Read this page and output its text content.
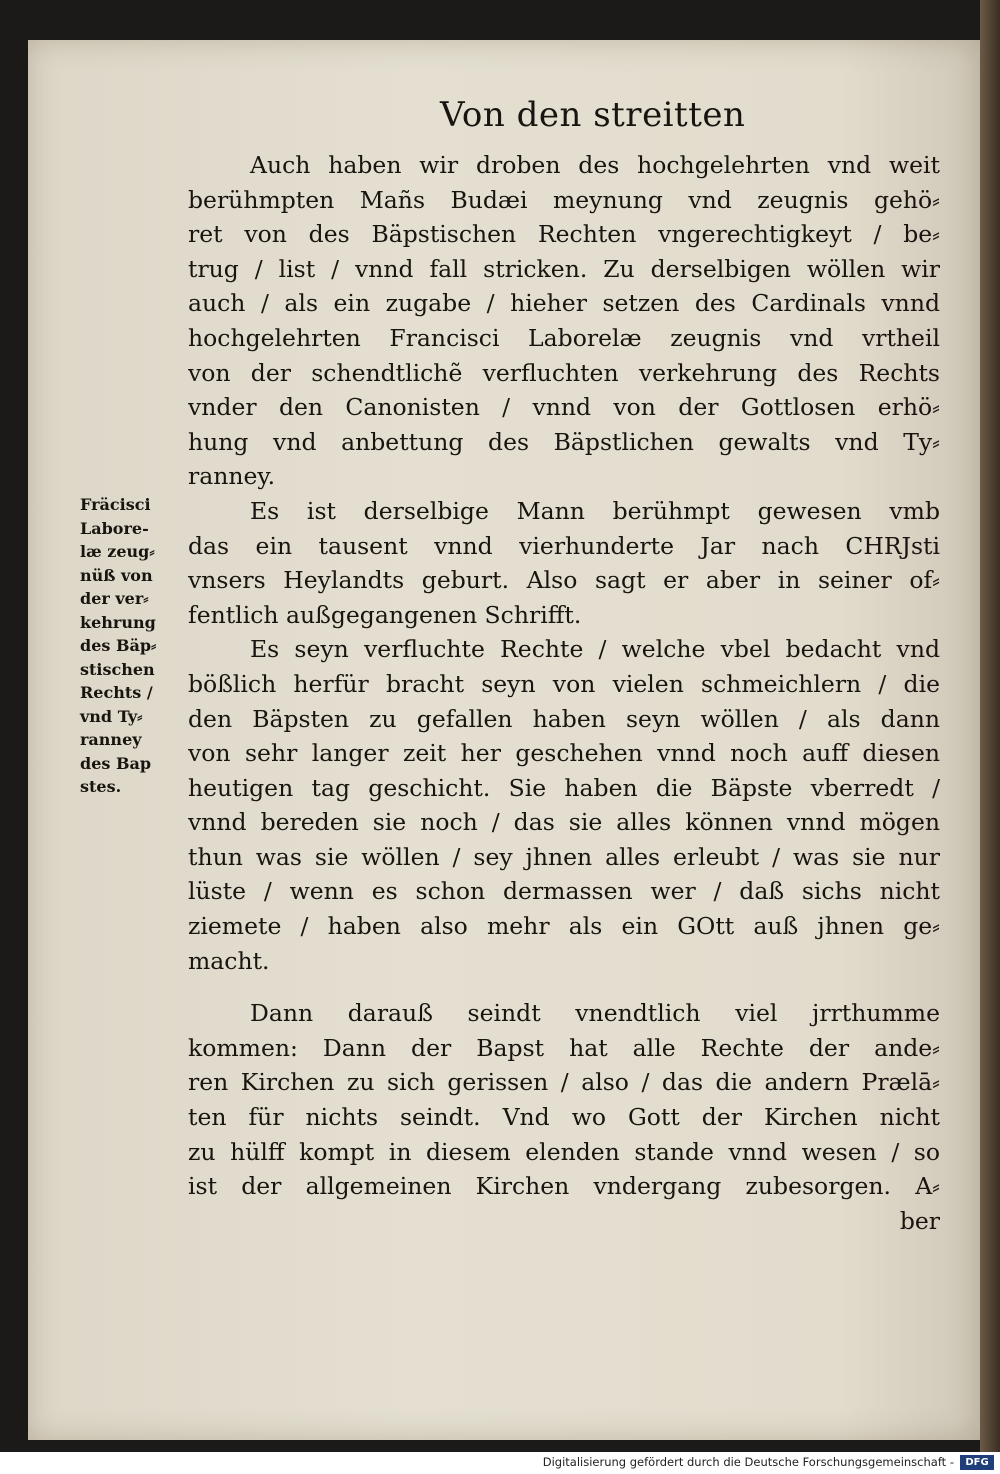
Von den streitten
Fräcisci
Labore-
læ zeug⸗
nüß von
der ver⸗
kehrung
des Bäp⸗
stischen
Rechts /
vnd Ty⸗
ranney
des Bap
stes.
Auch haben wir droben des hochgelehrten vnd weit
berühmpten Mañs Budæi meynung vnd zeugnis gehö⸗
ret von des Bäpstischen Rechten vngerechtigkeyt / be⸗
trug / list / vnnd fall stricken. Zu derselbigen wöllen wir
auch / als ein zugabe / hieher setzen des Cardinals vnnd
hochgelehrten Francisci Laborelæ zeugnis vnd vrtheil
von der schendtlichẽ verfluchten verkehrung des Rechts
vnder den Canonisten / vnnd von der Gottlosen erhö⸗
hung vnd anbettung des Bäpstlichen gewalts vnd Ty⸗
ranney.
Es ist derselbige Mann berühmpt gewesen vmb
das ein tausent vnnd vierhunderte Jar nach CHRJsti
vnsers Heylandts geburt. Also sagt er aber in seiner of⸗
fentlich außgegangenen Schrifft.
Es seyn verfluchte Rechte / welche vbel bedacht vnd
bößlich herfür bracht seyn von vielen schmeichlern / die
den Bäpsten zu gefallen haben seyn wöllen / als dann
von sehr langer zeit her geschehen vnnd noch auff diesen
heutigen tag geschicht. Sie haben die Bäpste vberredt /
vnnd bereden sie noch / das sie alles können vnnd mögen
thun was sie wöllen / sey jhnen alles erleubt / was sie nur
lüste / wenn es schon dermassen wer / daß sichs nicht
ziemete / haben also mehr als ein GOtt auß jhnen ge⸗
macht.
Dann darauß seindt vnendtlich viel jrrthumme
kommen: Dann der Bapst hat alle Rechte der ande⸗
ren Kirchen zu sich gerissen / also / das die andern Prælā⸗
ten für nichts seindt. Vnd wo Gott der Kirchen nicht
zu hülff kompt in diesem elenden stande vnnd wesen / so
ist der allgemeinen Kirchen vndergang zubesorgen. A⸗
ber
Digitalisierung gefördert durch die Deutsche Forschungsgemeinschaft -	DFG
